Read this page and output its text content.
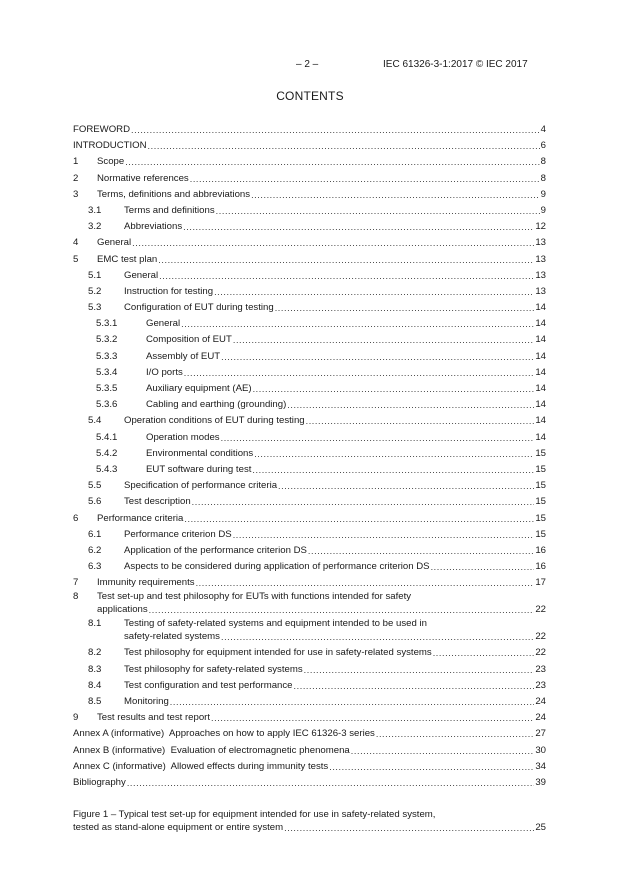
– 2 –	IEC 61326-3-1:2017 © IEC 2017
CONTENTS
FOREWORD .....	4
INTRODUCTION .....	6
1	Scope .....	8
2	Normative references .....	8
3	Terms, definitions and abbreviations .....	9
3.1	Terms and definitions .....	9
3.2	Abbreviations .....	12
4	General .....	13
5	EMC test plan .....	13
5.1	General .....	13
5.2	Instruction for testing .....	13
5.3	Configuration of EUT during testing .....	14
5.3.1	General .....	14
5.3.2	Composition of EUT .....	14
5.3.3	Assembly of EUT .....	14
5.3.4	I/O ports .....	14
5.3.5	Auxiliary equipment (AE) .....	14
5.3.6	Cabling and earthing (grounding) .....	14
5.4	Operation conditions of EUT during testing .....	14
5.4.1	Operation modes .....	14
5.4.2	Environmental conditions .....	15
5.4.3	EUT software during test .....	15
5.5	Specification of performance criteria .....	15
5.6	Test description .....	15
6	Performance criteria .....	15
6.1	Performance criterion DS .....	15
6.2	Application of the performance criterion DS .....	16
6.3	Aspects to be considered during application of performance criterion DS .....	16
7	Immunity requirements .....	17
8	Test set-up and test philosophy for EUTs with functions intended for safety
applications .....	22
8.1	Testing of safety-related systems and equipment intended to be used in
safety-related systems .....	22
8.2	Test philosophy for equipment intended for use in safety-related systems .....	22
8.3	Test philosophy for safety-related systems .....	23
8.4	Test configuration and test performance .....	23
8.5	Monitoring .....	24
9	Test results and test report .....	24
Annex A (informative)  Approaches on how to apply IEC 61326-3 series .....	27
Annex B (informative)  Evaluation of electromagnetic phenomena .....	30
Annex C (informative)  Allowed effects during immunity tests .....	34
Bibliography .....	39
Figure 1 – Typical test set-up for equipment intended for use in safety-related system,
tested as stand-alone equipment or entire system .....	25
